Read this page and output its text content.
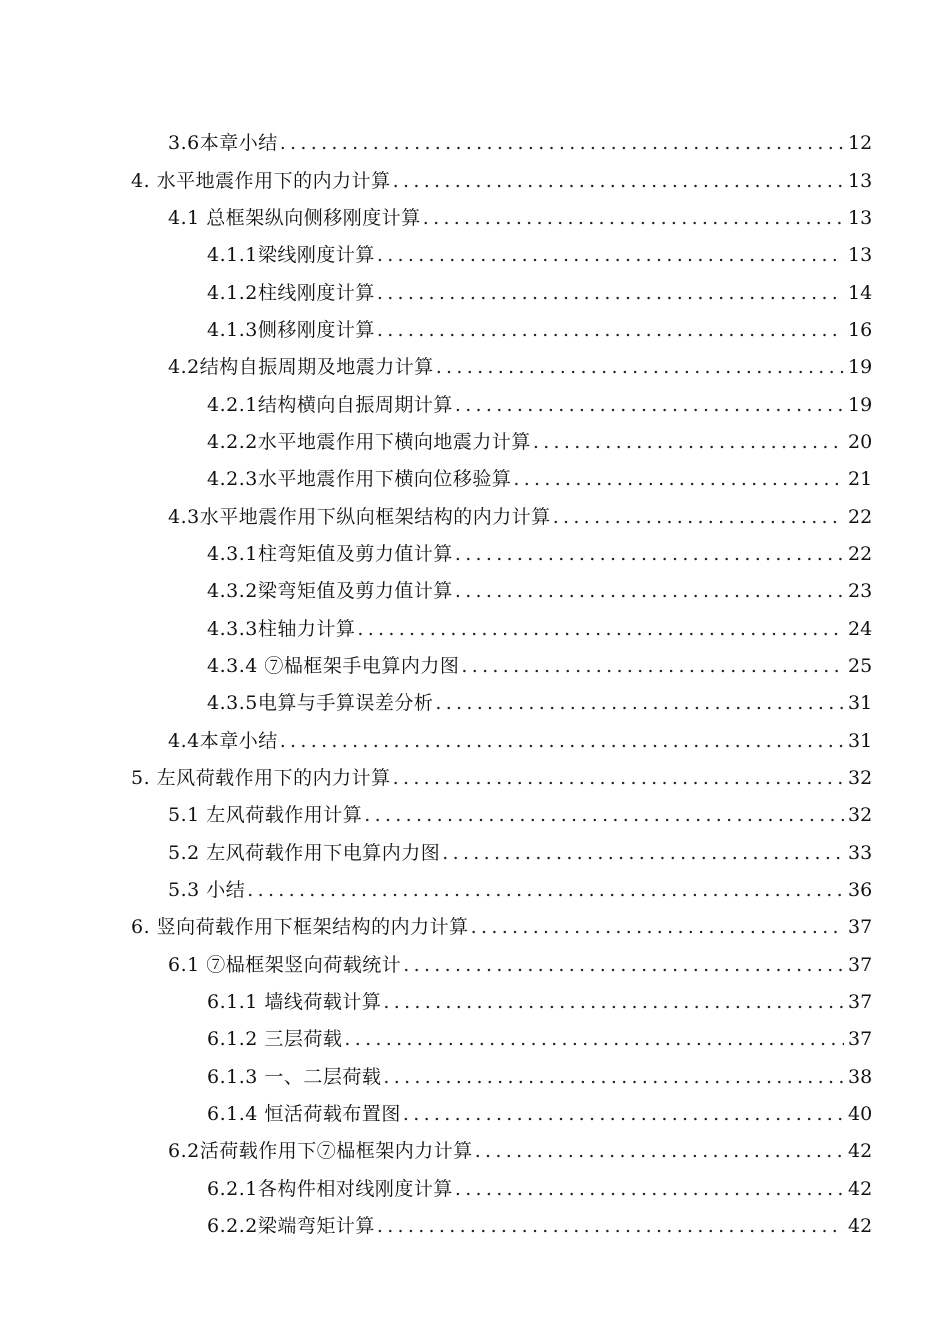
3.6本章小结 .....	12
4. 水平地震作用下的内力计算 .....	13
4.1 总框架纵向侧移刚度计算 .....	13
4.1.1梁线刚度计算 .....	13
4.1.2柱线刚度计算 .....	14
4.1.3侧移刚度计算 .....	16
4.2结构自振周期及地震力计算 .....	19
4.2.1结构横向自振周期计算 .....	19
4.2.2水平地震作用下横向地震力计算 .....	20
4.2.3水平地震作用下横向位移验算 .....	21
4.3水平地震作用下纵向框架结构的内力计算 .....	22
4.3.1柱弯矩值及剪力值计算 .....	22
4.3.2梁弯矩值及剪力值计算 .....	23
4.3.3柱轴力计算 .....	24
4.3.4 ⑦榀框架手电算内力图 .....	25
4.3.5电算与手算误差分析 .....	31
4.4本章小结 .....	31
5. 左风荷载作用下的内力计算 .....	32
5.1 左风荷载作用计算 .....	32
5.2 左风荷载作用下电算内力图 .....	33
5.3 小结 .....	36
6. 竖向荷载作用下框架结构的内力计算 .....	37
6.1 ⑦榀框架竖向荷载统计 .....	37
6.1.1 墙线荷载计算 .....	37
6.1.2 三层荷载 .....	37
6.1.3 一、二层荷载 .....	38
6.1.4 恒活荷载布置图 .....	40
6.2活荷载作用下⑦榀框架内力计算 .....	42
6.2.1各构件相对线刚度计算 .....	42
6.2.2梁端弯矩计算 .....	42
